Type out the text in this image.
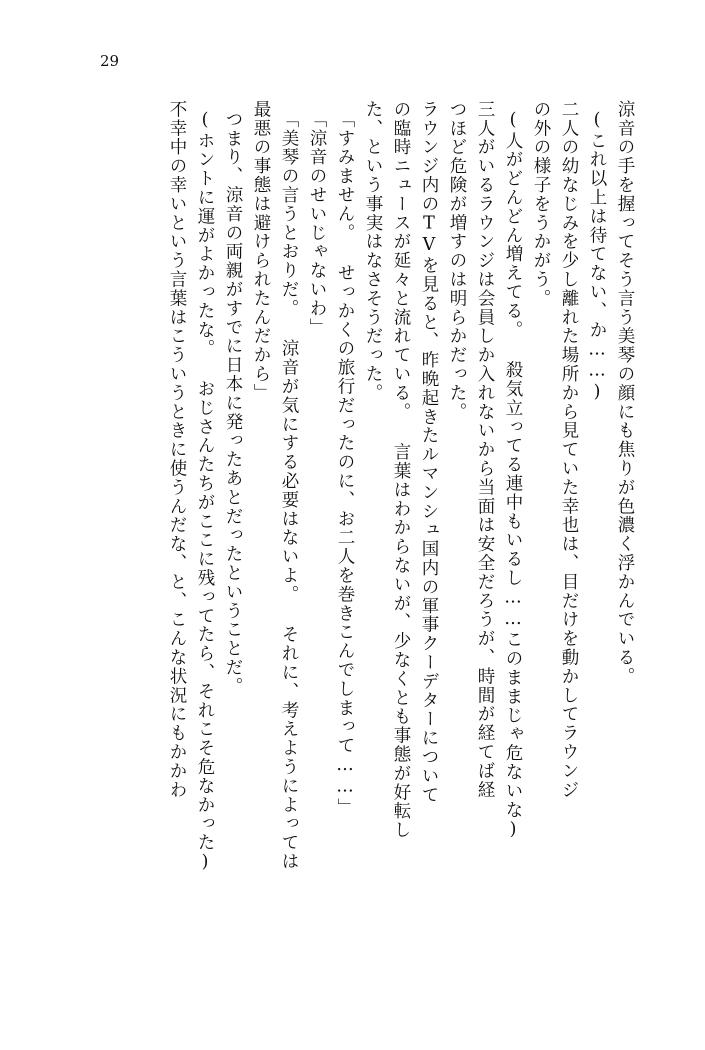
29
涼音の手を握ってそう言う美琴の顔にも焦りが色濃く浮かんでいる。
(これ以上は待てない、か……)
二人の幼なじみを少し離れた場所から見ていた幸也は、目だけを動かしてラウンジ
の外の様子をうかがう。
(人がどんどん増えてる。 殺気立ってる連中もいるし……このままじゃ危ないな)
三人がいるラウンジは会員しか入れないから当面は安全だろうが、時間が経てば経
つほど危険が増すのは明らかだった。
ラウンジ内のTVを見ると、昨晩起きたルマンシュ国内の軍事クーデターについて
の臨時ニュースが延々と流れている。 言葉はわからないが、少なくとも事態が好転し
た、という事実はなさそうだった。
「すみません。 せっかくの旅行だったのに、お二人を巻きこんでしまって……」
「涼音のせいじゃないわ」
「美琴の言うとおりだ。 涼音が気にする必要はないよ。 それに、考えようによっては
最悪の事態は避けられたんだから」
つまり、涼音の両親がすでに日本に発ったあとだったということだ。
(ホントに運がよかったな。 おじさんたちがここに残ってたら、それこそ危なかった)
不幸中の幸いという言葉はこういうときに使うんだな、と、こんな状況にもかかわ
